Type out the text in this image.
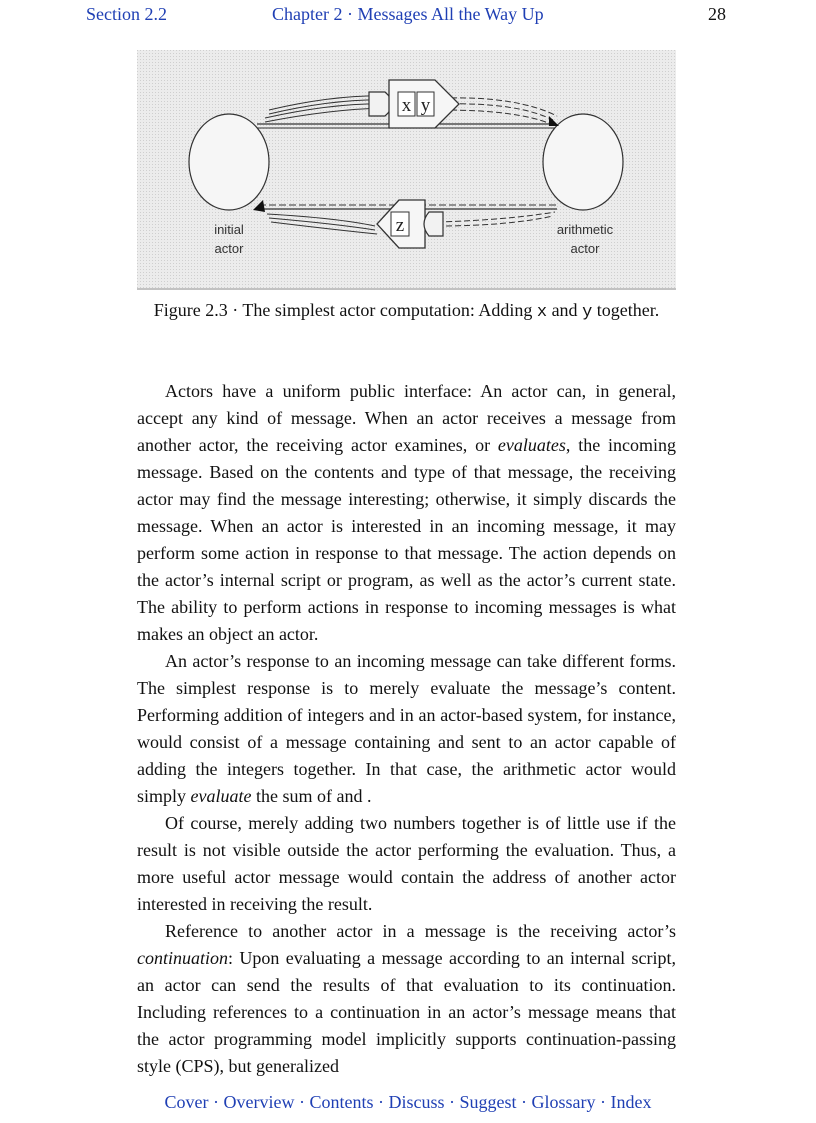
Section 2.2	Chapter 2 · Messages All the Way Up	28
x y
z
initial
actor
arithmetic
actor
Figure 2.3 · The simplest actor computation: Adding x and y together.

Actors have a uniform public interface: An actor can, in general, accept any kind of message. When an actor receives a message from another actor, the receiving actor examines, or evaluates, the incoming message. Based on the contents and type of that message, the receiving actor may find the message interesting; otherwise, it simply discards the message. When an actor is interested in an incoming message, it may perform some action in response to that message. The action depends on the actor’s internal script or program, as well as the actor’s current state. The ability to perform actions in response to incoming messages is what makes an object an actor.

An actor’s response to an incoming message can take different forms. The simplest response is to merely evaluate the message’s content. Performing addition of integers and in an actor-based system, for instance, would consist of a message containing and sent to an actor capable of adding the integers together. In that case, the arithmetic actor would simply evaluate the sum of and .

Of course, merely adding two numbers together is of little use if the result is not visible outside the actor performing the evaluation. Thus, a more useful actor message would contain the address of another actor interested in receiving the result.

Reference to another actor in a message is the receiving actor’s continuation: Upon evaluating a message according to an internal script, an actor can send the results of that evaluation to its continuation. Including references to a continuation in an actor’s message means that the actor programming model implicitly supports continuation-passing style (CPS), but generalized

Cover · Overview · Contents · Discuss · Suggest · Glossary · Index
